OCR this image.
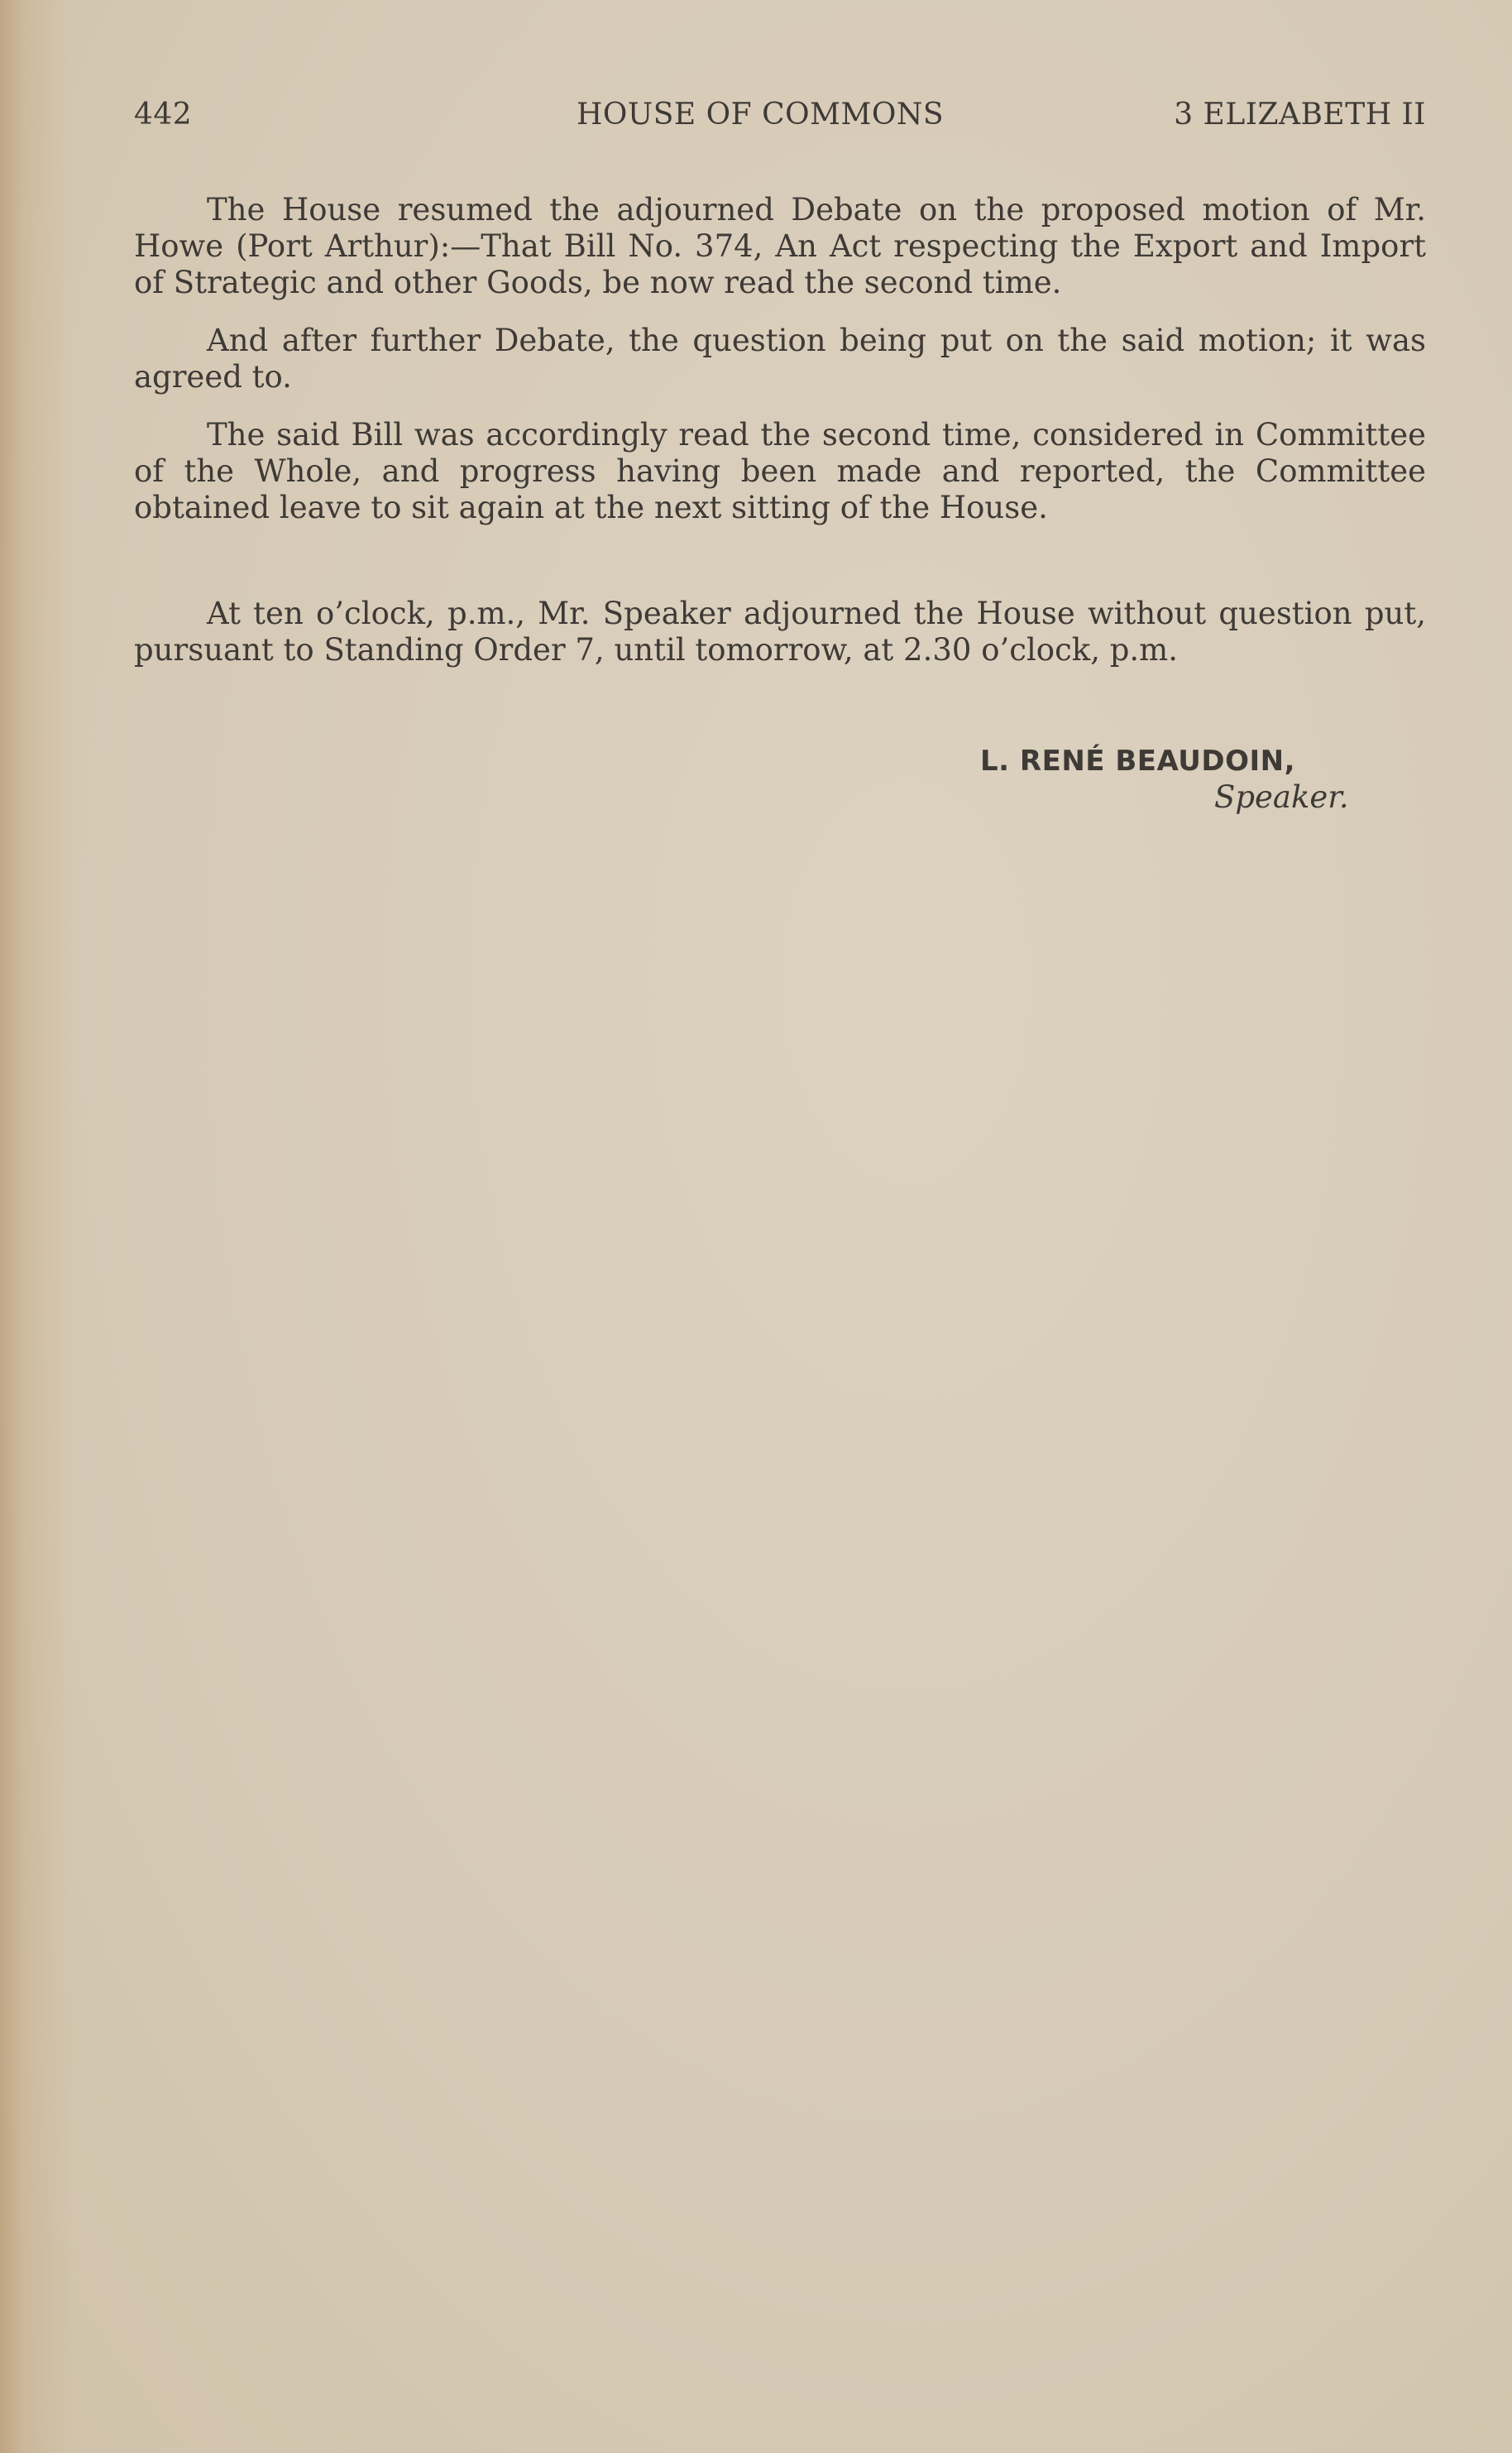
442	HOUSE OF COMMONS	3 ELIZABETH II

The House resumed the adjourned Debate on the proposed motion of Mr. Howe (Port Arthur):—That Bill No. 374, An Act respecting the Export and Import of Strategic and other Goods, be now read the second time.

And after further Debate, the question being put on the said motion; it was agreed to.

The said Bill was accordingly read the second time, considered in Committee of the Whole, and progress having been made and reported, the Committee obtained leave to sit again at the next sitting of the House.

At ten o’clock, p.m., Mr. Speaker adjourned the House without question put, pursuant to Standing Order 7, until tomorrow, at 2.30 o’clock, p.m.

L. RENÉ BEAUDOIN,
Speaker.
